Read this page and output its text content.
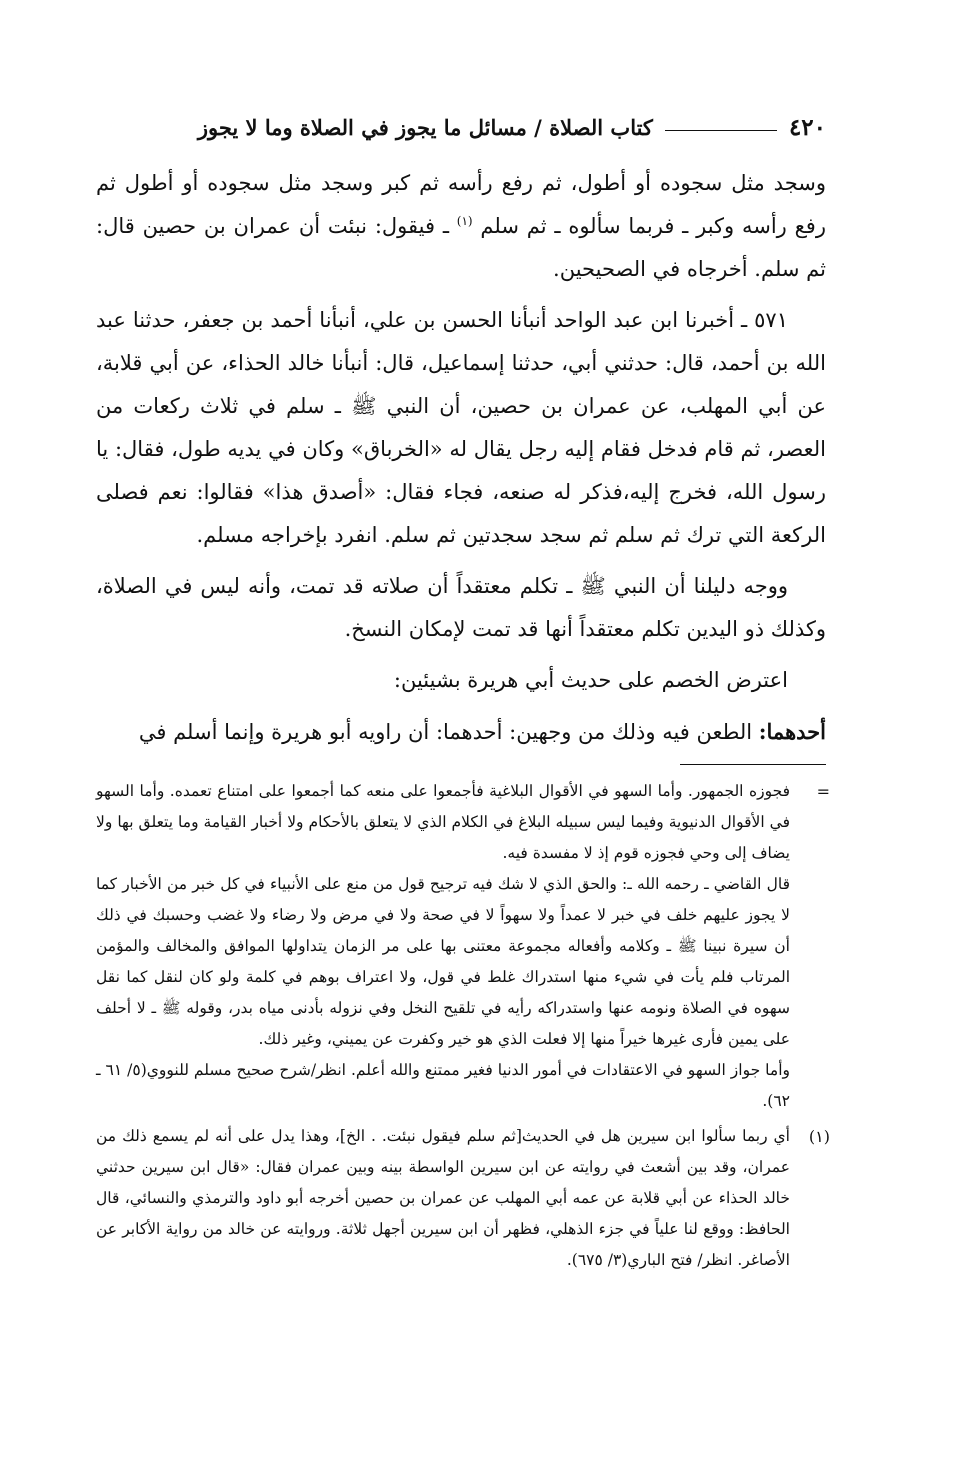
٤٢٠
كتاب الصلاة / مسائل ما يجوز في الصلاة وما لا يجوز

وسجد مثل سجوده أو أطول، ثم رفع رأسه ثم كبر وسجد مثل سجوده أو أطول ثم رفع رأسه وكبر ـ فربما سألوه ـ ثم سلم $^{(١)}$ ـ فيقول: نبئت أن عمران بن حصين قال: ثم سلم. أخرجاه في الصحيحين.

٥٧١ ـ أخبرنا ابن عبد الواحد أنبأنا الحسن بن علي، أنبأنا أحمد بن جعفر، حدثنا عبد الله بن أحمد، قال: حدثني أبي، حدثنا إسماعيل، قال: أنبأنا خالد الحذاء، عن أبي قلابة، عن أبي المهلب، عن عمران بن حصين، أن النبي ﷺ ـ سلم في ثلاث ركعات من العصر، ثم قام فدخل فقام إليه رجل يقال له «الخرباق» وكان في يديه طول، فقال: يا رسول الله، فخرج إليه،فذكر له صنعه، فجاء فقال: «أصدق هذا» فقالوا: نعم فصلى الركعة التي ترك ثم سلم ثم سجد سجدتين ثم سلم. انفرد بإخراجه مسلم.

ووجه دليلنا أن النبي ﷺ ـ تكلم معتقداً أن صلاته قد تمت، وأنه ليس في الصلاة، وكذلك ذو اليدين تكلم معتقداً أنها قد تمت لإمكان النسخ.

اعترض الخصم على حديث أبي هريرة بشيئين:

أحدهما: الطعن فيه وذلك من وجهين: أحدهما: أن راويه أبو هريرة وإنما أسلم في

=

فجوزه الجمهور. وأما السهو في الأقوال البلاغية فأجمعوا على منعه كما أجمعوا على امتناع تعمده. وأما السهو في الأقوال الدنيوية وفيما ليس سبيله البلاغ في الكلام الذي لا يتعلق بالأحكام ولا أخبار القيامة وما يتعلق بها ولا يضاف إلى وحي فجوزه قوم إذ لا مفسدة فيه.

قال القاضي ـ رحمه الله ـ: والحق الذي لا شك فيه ترجيح قول من منع على الأنبياء في كل خبر من الأخبار كما لا يجوز عليهم خلف في خبر لا عمداً ولا سهواً لا في صحة ولا في مرض ولا رضاء ولا غضب وحسبك في ذلك أن سيرة نبينا ﷺ ـ وكلامه وأفعاله مجموعة معتنى بها على مر الزمان يتداولها الموافق والمخالف والمؤمن المرتاب فلم يأت في شيء منها استدراك غلط في قول، ولا اعتراف بوهم في كلمة ولو كان لنقل كما نقل سهوه في الصلاة ونومه عنها واستدراكه رأيه في تلقيح النخل وفي نزوله بأدنى مياه بدر، وقوله ﷺ ـ لا أحلف على يمين فأرى غيرها خيراً منها إلا فعلت الذي هو خير وكفرت عن يميني، وغير ذلك.

وأما جواز السهو في الاعتقادات في أمور الدنيا فغير ممتنع والله أعلم. انظر/شرح صحيح مسلم للنووي(٥/ ٦١ ـ ٦٢).

(١)

أي ربما سألوا ابن سيرين هل في الحديث[ثم سلم فيقول نبئت. . الخ]، وهذا يدل على أنه لم يسمع ذلك من عمران، وقد بين أشعث في روايته عن ابن سيرين الواسطة بينه وبين عمران فقال: «قال ابن سيرين حدثني خالد الحذاء عن أبي قلابة عن عمه أبي المهلب عن عمران بن حصين أخرجه أبو داود والترمذي والنسائي، قال الحافظ: ووقع لنا علياً في جزء الذهلي، فظهر أن ابن سيرين أجهل ثلاثة. وروايته عن خالد من رواية الأكابر عن الأصاغر. انظر/ فتح الباري(٣/ ٦٧٥).
